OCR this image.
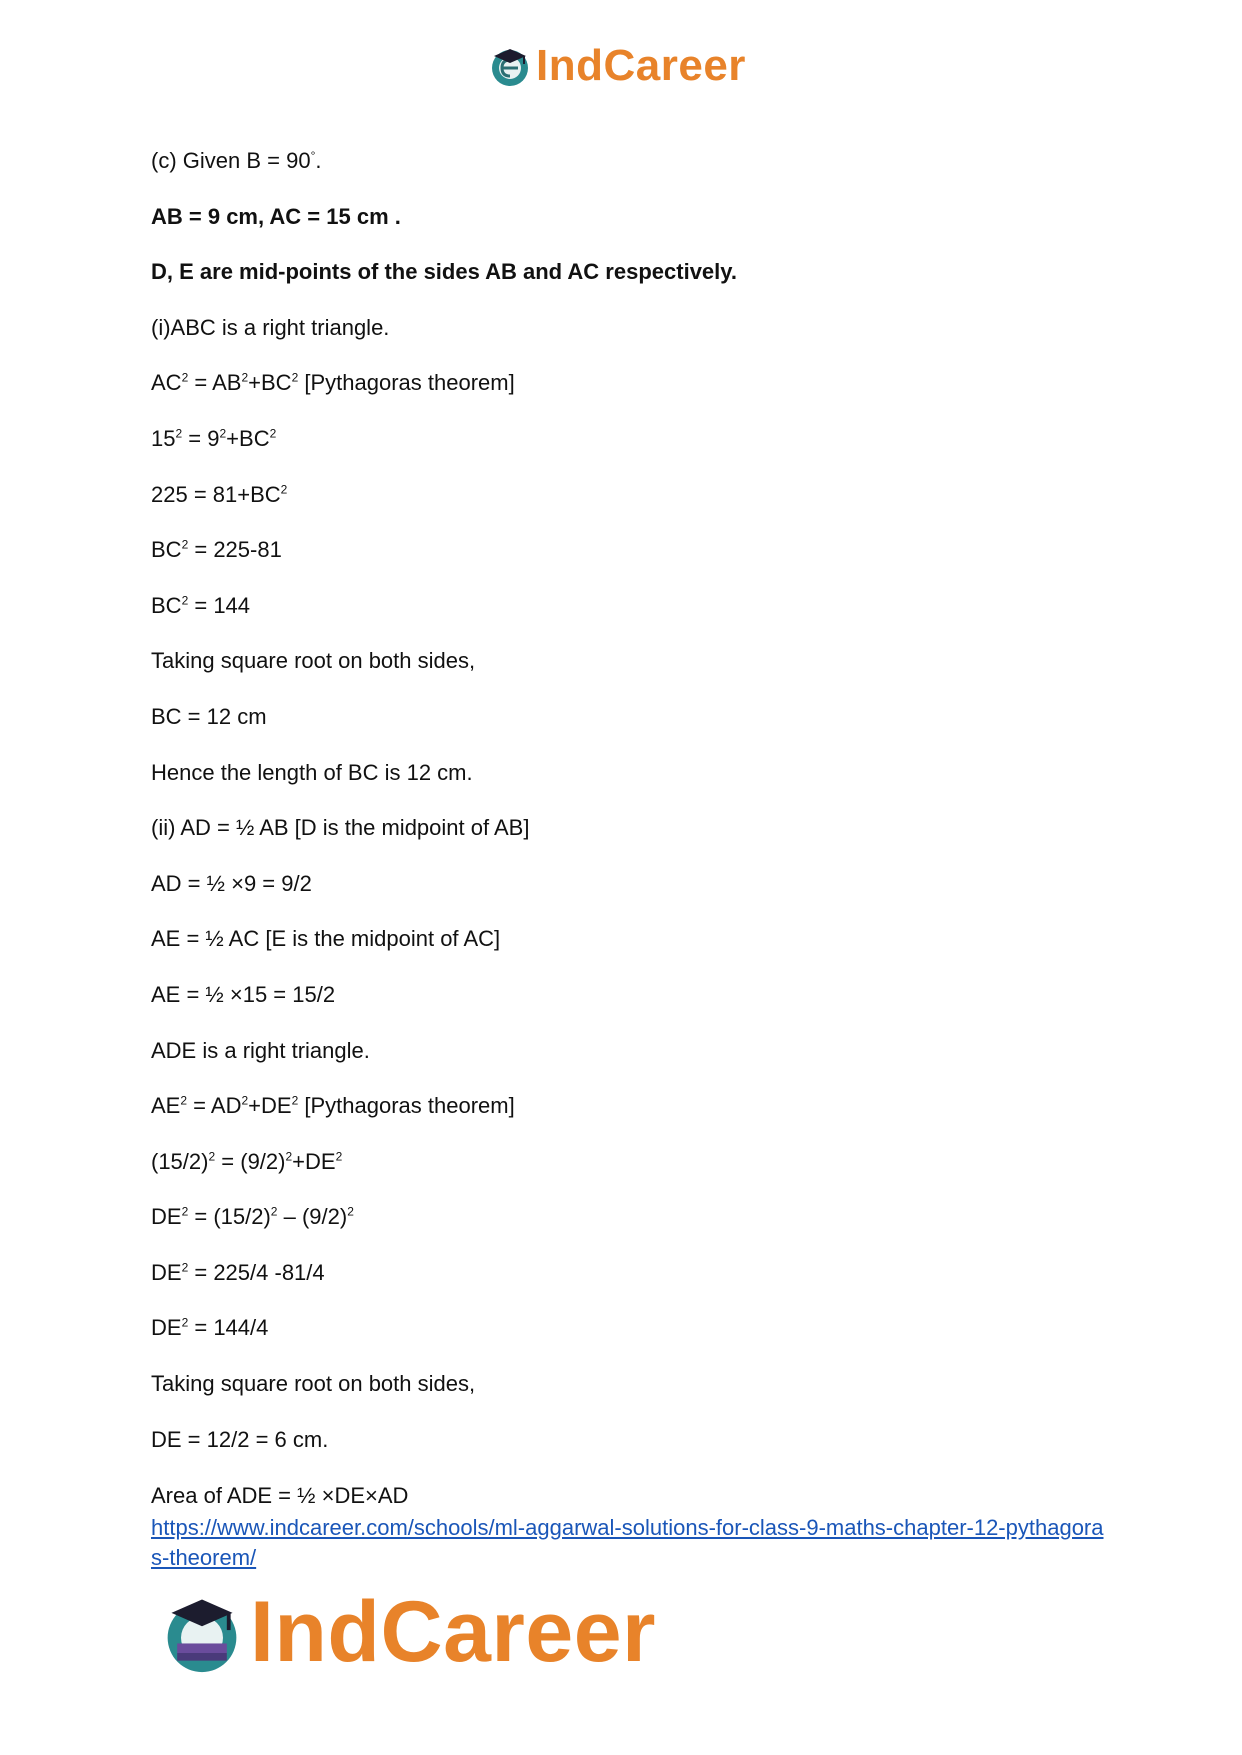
IndCareer
(c) Given B = 90°.
AB = 9 cm, AC = 15 cm .
D, E are mid-points of the sides AB and AC respectively.
(i)ABC is a right triangle.
$AC^2 = AB^2+BC^2$ [Pythagoras theorem]
$15^2 = 9^2+BC^2$
$225 = 81+BC^2$
$BC^2 = 225-81$
$BC^2 = 144$
Taking square root on both sides,
BC = 12 cm
Hence the length of BC is 12 cm.
(ii) AD = ½ AB [D is the midpoint of AB]
AD = ½ ×9 = 9/2
AE = ½ AC [E is the midpoint of AC]
AE = ½ ×15 = 15/2
ADE is a right triangle.
$AE^2 = AD^2+DE^2$ [Pythagoras theorem]
$(15/2)^2 = (9/2)^2+DE^2$
$DE^2 = (15/2)^2 - (9/2)^2$
$DE^2 = 225/4$ -81/4
$DE^2 = 144/4$
Taking square root on both sides,
DE = 12/2 = 6 cm.
Area of ADE = ½ ×DE×AD
https://www.indcareer.com/schools/ml-aggarwal-solutions-for-class-9-maths-chapter-12-pythagoras-theorem/
IndCareer
